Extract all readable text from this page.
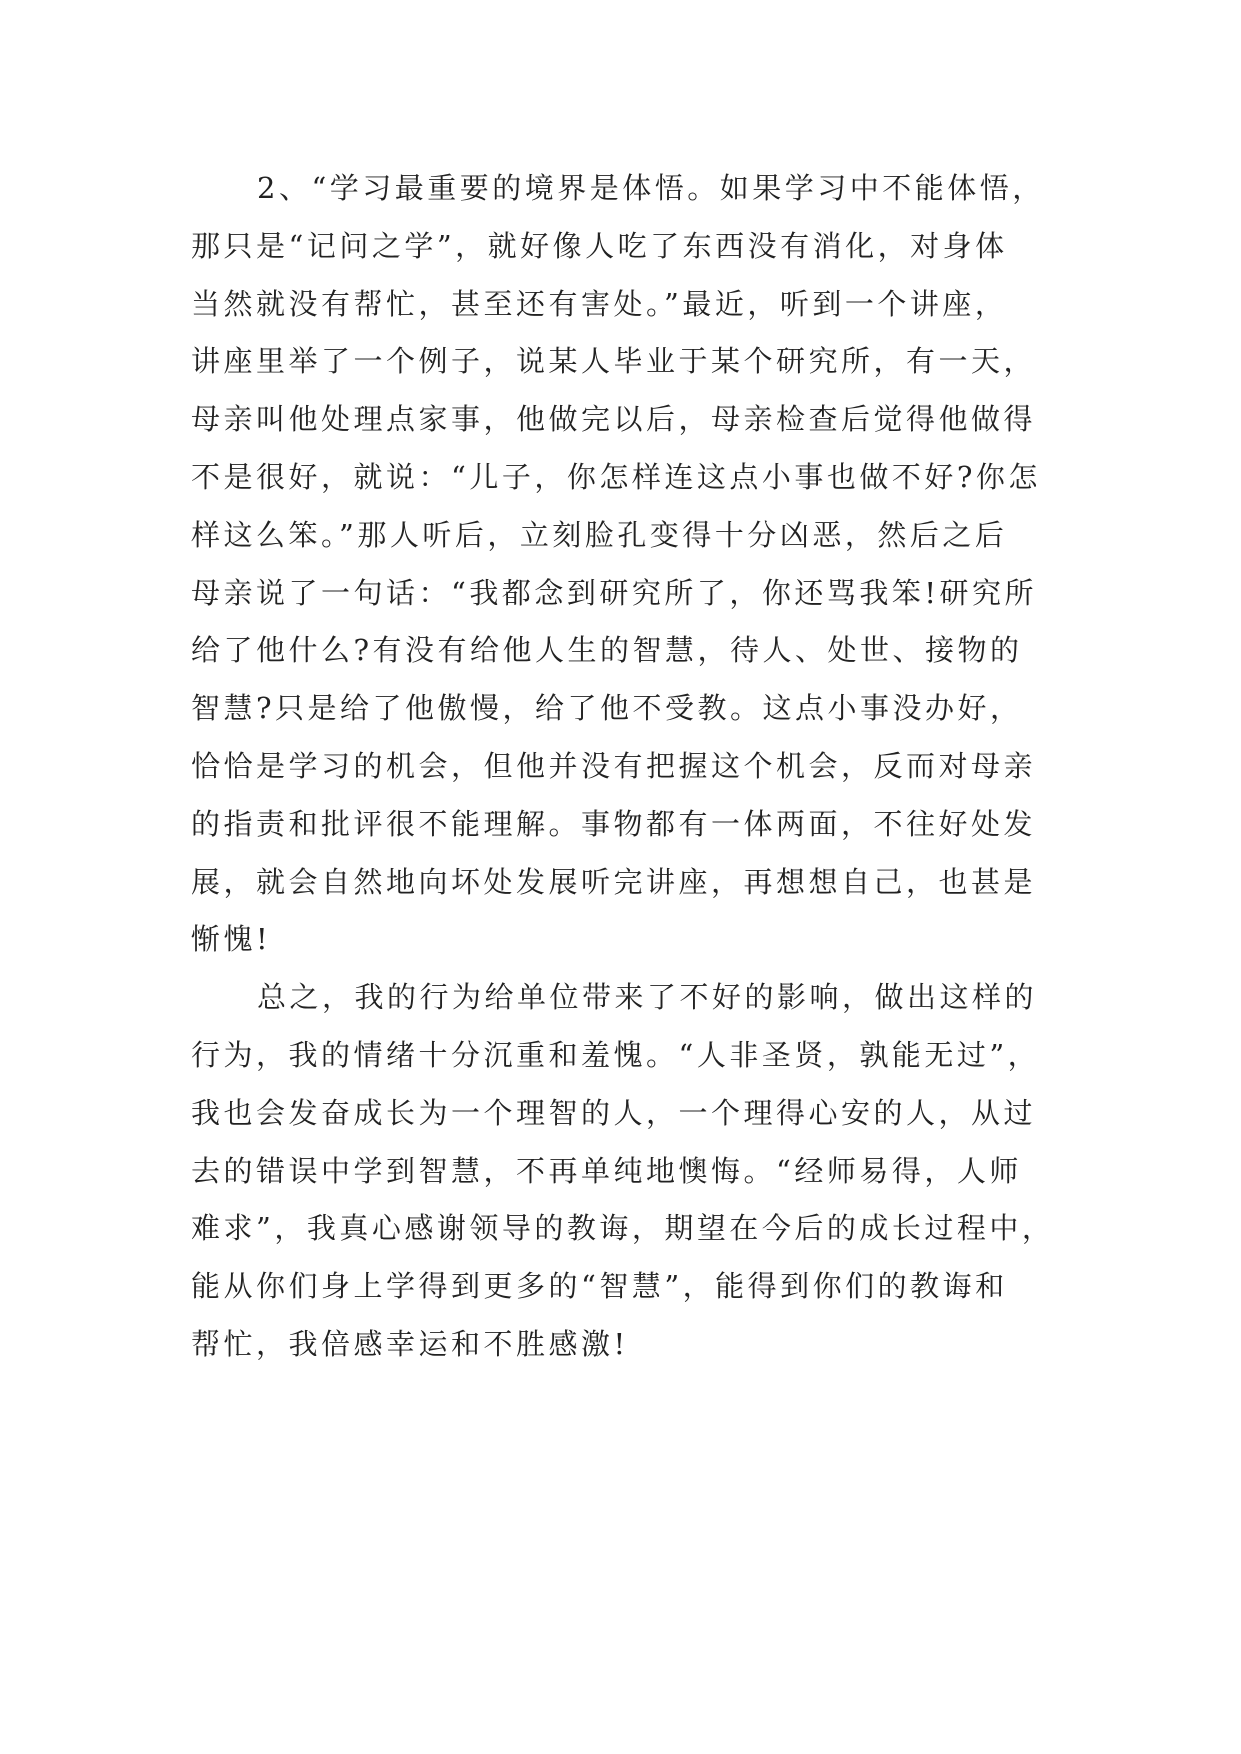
2、“学习最重要的境界是体悟。如果学习中不能体悟，
那只是“记问之学”，就好像人吃了东西没有消化，对身体
当然就没有帮忙，甚至还有害处。”最近，听到一个讲座，
讲座里举了一个例子，说某人毕业于某个研究所，有一天，
母亲叫他处理点家事，他做完以后，母亲检查后觉得他做得
不是很好，就说：“儿子，你怎样连这点小事也做不好?你怎
样这么笨。”那人听后，立刻脸孔变得十分凶恶，然后之后
母亲说了一句话：“我都念到研究所了，你还骂我笨!研究所
给了他什么?有没有给他人生的智慧，待人、处世、接物的
智慧?只是给了他傲慢，给了他不受教。这点小事没办好，
恰恰是学习的机会，但他并没有把握这个机会，反而对母亲
的指责和批评很不能理解。事物都有一体两面，不往好处发
展，就会自然地向坏处发展听完讲座，再想想自己，也甚是
惭愧!
总之，我的行为给单位带来了不好的影响，做出这样的
行为，我的情绪十分沉重和羞愧。“人非圣贤，孰能无过”，
我也会发奋成长为一个理智的人，一个理得心安的人，从过
去的错误中学到智慧，不再单纯地懊悔。“经师易得，人师
难求”，我真心感谢领导的教诲，期望在今后的成长过程中，
能从你们身上学得到更多的“智慧”，能得到你们的教诲和
帮忙，我倍感幸运和不胜感激!
